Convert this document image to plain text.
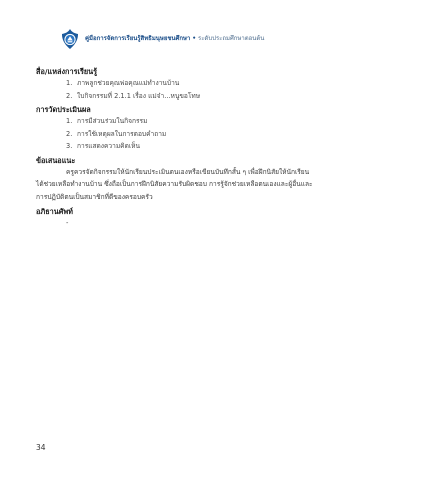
คู่มือการจัดการเรียนรู้สิทธิมนุษยชนศึกษา • ระดับประถมศึกษาตอนต้น

สื่อ/แหล่งการเรียนรู้

1. ภาพลูกช่วยคุณพ่อคุณแม่ทำงานบ้าน
2. ใบกิจกรรมที่ 2.1.1 เรื่อง แม่จ๋า...หนูขอโทษ

การวัดประเมินผล

1. การมีส่วนร่วมในกิจกรรม
2. การใช้เหตุผลในการตอบคำถาม
3. การแสดงความคิดเห็น

ข้อเสนอแนะ

ครูควรจัดกิจกรรมให้นักเรียนประเมินตนเองหรือเขียนบันทึกสั้น ๆ เพื่อฝึกนิสัยให้นักเรียน
ได้ช่วยเหลือทำงานบ้าน ซึ่งถือเป็นการฝึกนิสัยความรับผิดชอบ การรู้จักช่วยเหลือตนเองและผู้อื่นและ
การปฏิบัติตนเป็นสมาชิกที่ดีของครอบครัว

อภิธานศัพท์

-
34
